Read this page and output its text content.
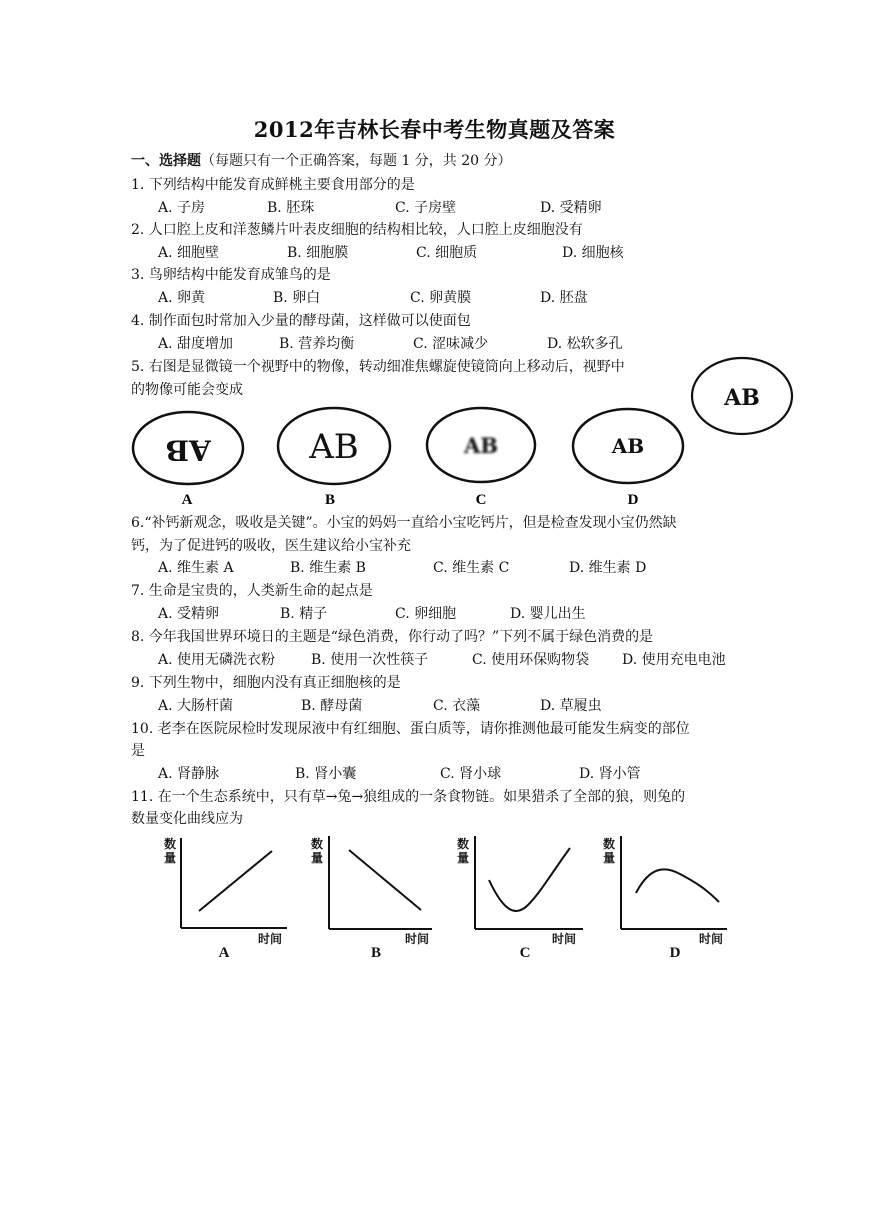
2012年吉林长春中考生物真题及答案
一、选择题（每题只有一个正确答案，每题 1 分，共 20 分）
1. 下列结构中能发育成鲜桃主要食用部分的是
A. 子房	B. 胚珠	C. 子房壁	D. 受精卵
2. 人口腔上皮和洋葱鳞片叶表皮细胞的结构相比较，人口腔上皮细胞没有
A. 细胞壁	B. 细胞膜	C. 细胞质	D. 细胞核
3. 鸟卵结构中能发育成雏鸟的是
A. 卵黄	B. 卵白	C. 卵黄膜	D. 胚盘
4. 制作面包时常加入少量的酵母菌，这样做可以使面包
A. 甜度增加	B. 营养均衡	C. 涩味减少	D. 松软多孔
5. 右图是显微镜一个视野中的物像，转动细准焦螺旋使镜筒向上移动后，视野中
的物像可能会变成	AB
AB	AB	AB	AB
A	B	C	D
6.“补钙新观念，吸收是关键”。小宝的妈妈一直给小宝吃钙片，但是检查发现小宝仍然缺
钙，为了促进钙的吸收，医生建议给小宝补充
A. 维生素 A	B. 维生素 B	C. 维生素 C	D. 维生素 D
7. 生命是宝贵的，人类新生命的起点是
A. 受精卵	B. 精子	C. 卵细胞	D. 婴儿出生
8. 今年我国世界环境日的主题是“绿色消费，你行动了吗？”下列不属于绿色消费的是
A. 使用无磷洗衣粉	B. 使用一次性筷子	C. 使用环保购物袋 D. 使用充电电池
9. 下列生物中，细胞内没有真正细胞核的是
A. 大肠杆菌	B. 酵母菌	C. 衣藻	D. 草履虫
10. 老李在医院尿检时发现尿液中有红细胞、蛋白质等，请你推测他最可能发生病变的部位
是
A. 肾静脉	B. 肾小囊	C. 肾小球	D. 肾小管
11. 在一个生态系统中，只有草→兔→狼组成的一条食物链。如果猎杀了全部的狼，则兔的
数量变化曲线应为
数
量
时间
A
数
量
时间
B
数
量
时间
C
数
量
时间
D
